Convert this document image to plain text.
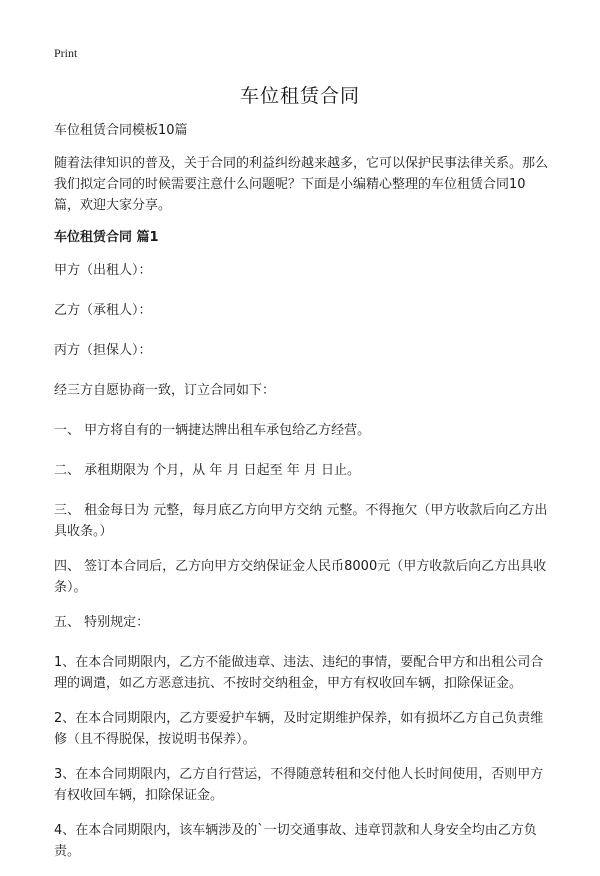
Print
车位租赁合同

车位租赁合同模板10篇

随着法律知识的普及，关于合同的利益纠纷越来越多，它可以保护民事法律关系。那么我们拟定合同的时候需要注意什么问题呢？下面是小编精心整理的车位租赁合同10篇，欢迎大家分享。

车位租赁合同 篇1

甲方（出租人）：

乙方（承租人）：

丙方（担保人）：

经三方自愿协商一致，订立合同如下：

一、 甲方将自有的一辆捷达牌出租车承包给乙方经营。

二、 承租期限为 个月，从 年 月 日起至 年 月 日止。

三、 租金每日为 元整，每月底乙方向甲方交纳 元整。不得拖欠（甲方收款后向乙方出具收条。）

四、 签订本合同后，乙方向甲方交纳保证金人民币8000元（甲方收款后向乙方出具收条）。

五、 特别规定：

1、在本合同期限内，乙方不能做违章、违法、违纪的事情，要配合甲方和出租公司合理的调遣，如乙方恶意违抗、不按时交纳租金，甲方有权收回车辆，扣除保证金。

2、在本合同期限内，乙方要爱护车辆，及时定期维护保养，如有损坏乙方自己负责维修（且不得脱保，按说明书保养）。

3、在本合同期限内，乙方自行营运，不得随意转租和交付他人长时间使用，否则甲方有权收回车辆，扣除保证金。

4、在本合同期限内，该车辆涉及的`一切交通事故、违章罚款和人身安全均由乙方负责。
